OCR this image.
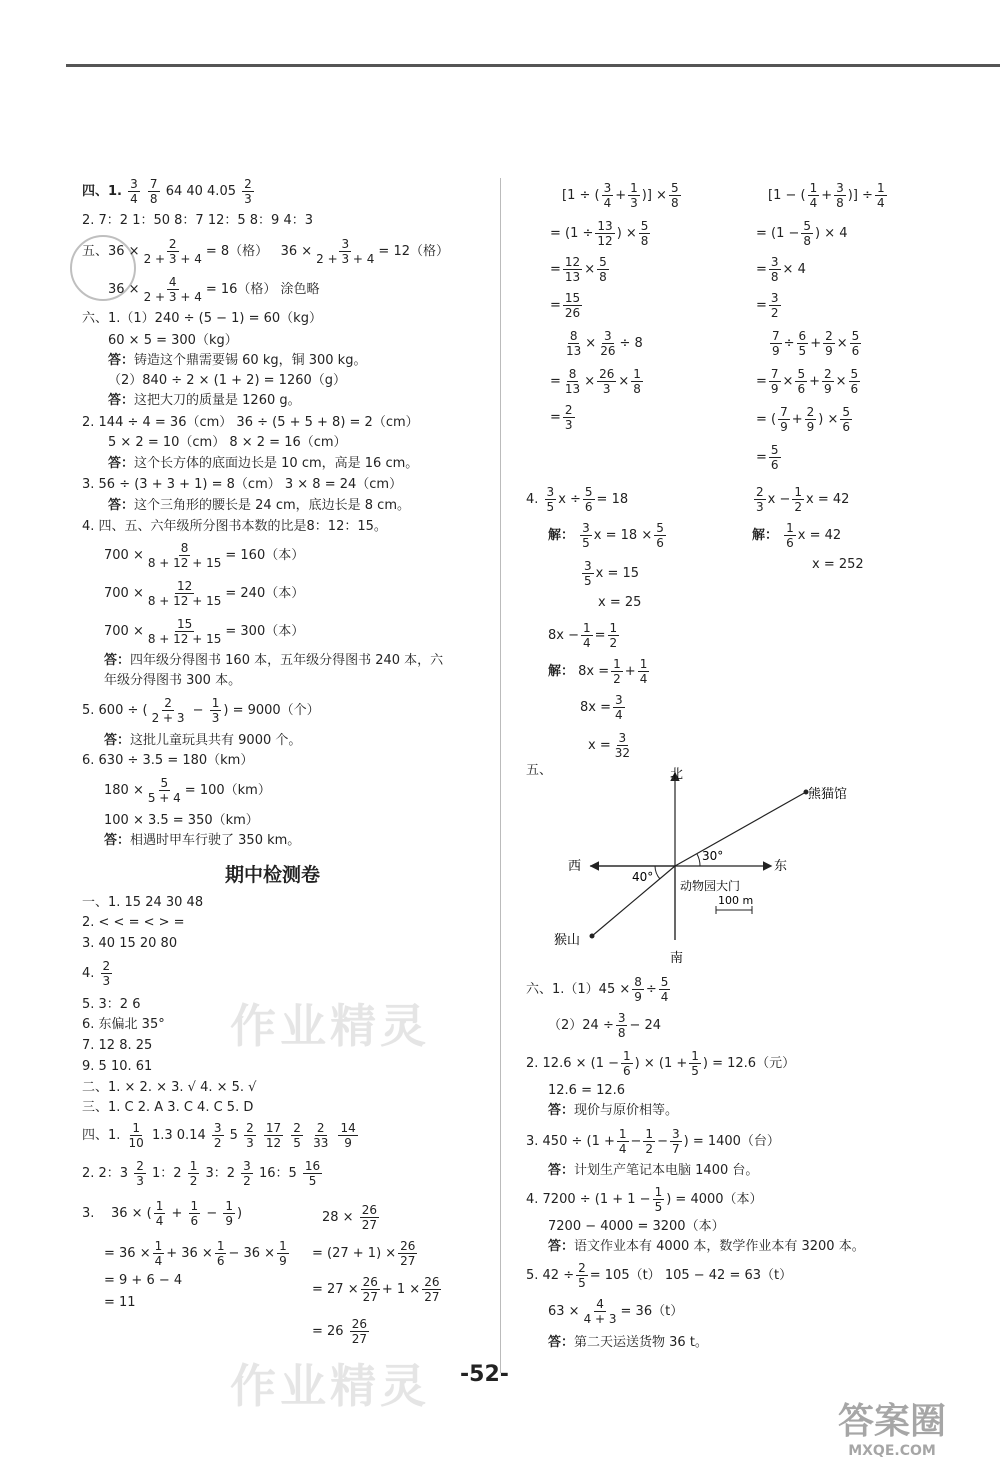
四、1. $\frac{3}{4}$
$\frac{7}{8} 64$ 40 $4.05 \frac{2}{3}$
2. 7：2 1：50 8：7 12：5 8：9 4：3
五、$36 \times \frac{2}{2 + 3 + 4} = 8$（格） $36 \times \frac{3}{2 + 3 + 4} = 12$（格）
$36 \times \frac{4}{2 + 3 + 4} = 16$（格） 涂色略
六、1.（1）240 ÷ (5 − 1) = 60（kg）
60 × 5 = 300（kg）
答：铸造这个鼎需要锡 60 kg，铜 300 kg。
（2）840 ÷ 2 × (1 + 2) = 1260（g）
答：这把大刀的质量是 1260 g。
2. 144 ÷ 4 = 36（cm） 36 ÷ (5 + 5 + 8) = 2（cm）
5 × 2 = 10（cm） 8 × 2 = 16（cm）
答：这个长方体的底面边长是 10 cm，高是 16 cm。
3. 56 ÷ (3 + 3 + 1) = 8（cm） 3 × 8 = 24（cm）
答：这个三角形的腰长是 24 cm，底边长是 8 cm。
4. 四、五、六年级所分图书本数的比是8：12：15。
$700 \times \frac{8}{8 + 12 + 15} = 160$（本）
$700 \times \frac{12}{8 + 12 + 15} = 240$（本）
$700 \times \frac{15}{8 + 12 + 15} = 300$（本）
答：四年级分得图书 160 本，五年级分得图书 240 本，六
年级分得图书 300 本。
5. 600 ÷ ( $\frac{2}{2 + 3} - \frac{1}{3}$ ) = 9000（个）
答：这批儿童玩具共有 9000 个。
6. 630 ÷ 3.5 = 180（km）
$180 \times \frac{5}{5 + 4} = 100(km)$
100 × 3.5 = 350（km）
答：相遇时甲车行驶了 350 km。
期中检测卷
一、1. 15 24 30 48
2. < < = < > =
3. 40 15 20 80
4. $\frac{2}{3}$
5. 3：2 6
6. 东偏北 35°
7. 12 8. 25
9. 5 10. 61
二、1. × 2. × 3. √ 4. × 5. √
三、1. C 2. A 3. C 4. C 5. D
四、1. $\frac{1}{10} 1.3$ $0.14 \frac{3}{2} 5 \frac{2}{3}$
$\frac{17}{12}$
$\frac{2}{5}$
$\frac{2}{33}$
$\frac{14}{9}$
2. 2：$3 \frac{2}{3} 1$：$2 \frac{1}{2} 3$：$2 \frac{3}{2} 16$：$5 \frac{16}{5}$
3. 36 × ( $\frac{1}{4} + \frac{1}{6} - \frac{1}{9}$ )	$28 \times \frac{26}{27}$
= $36 \times \frac{1}{4} + 36 \times \frac{1}{6} - 36 \times \frac{1}{9} = (27 + 1) \times \frac{26}{27}$
= 9 + 6 − 4
= $27 \times \frac{26}{27} + 1 \times \frac{26}{27}$
= 11
= $26 \frac{26}{27}$
[1 ÷ ( $\frac{3}{4} + \frac{1}{3}$ )] × $\frac{5}{8}$
= ($1 \div \frac{13}{12}$ ) × $\frac{5}{8}$
= $\frac{12}{13} \times \frac{5}{8}$
= $\frac{15}{26}$
$\frac{8}{13} \times \frac{3}{26} \div 8$
= $\frac{8}{13} \times \frac{26}{3} \times \frac{1}{8}$
= $\frac{2}{3}$
[1 − ( $\frac{1}{4} + \frac{3}{8}$ )] ÷ $\frac{1}{4}$
= ($1 - \frac{5}{8}$ ) × 4
= $\frac{3}{8} \times 4$
= $\frac{3}{2}$
$\frac{7}{9} \div \frac{6}{5} + \frac{2}{9} \times \frac{5}{6}$
= $\frac{7}{9} \times \frac{5}{6} + \frac{2}{9} \times \frac{5}{6}$
= ( $\frac{7}{9} + \frac{2}{9}$ ) × $\frac{5}{6}$
= $\frac{5}{6}$
4. $\frac{3}{5}$ $x \div \frac{5}{6} = 18$
解： $\frac{3}{5}$ $x = 18 \times \frac{5}{6}$
$\frac{3}{5}$ x = 15
x = 25
$8x - \frac{1}{4} = \frac{1}{2}$
解： $8x = \frac{1}{2} + \frac{1}{4}$
$8x = \frac{3}{4}$
$x = \frac{3}{32}$
$\frac{2}{3}$ $x - \frac{1}{2}$ x = 42
解： $\frac{1}{6}$ x = 42
x = 252
五、	北
南
东
西
熊猫馆
猴山
动物园大门
30°
40°
100 m
六、$1.(1)45 \times \frac{8}{9} \div \frac{5}{4}$
$(2)24 \div \frac{3}{8} - 24$
2. $12.6 \times (1 - \frac{1}{6}$ ) × ($1 + \frac{1}{5}$ ) = 12.6（元）
12.6 = 12.6
答：现价与原价相等。
3. $450 \div (1 + \frac{1}{4} - \frac{1}{2} - \frac{3}{7}$ ) = 1400（台）
答：计划生产笔记本电脑 1400 台。
4. $7200 \div (1 + 1 - \frac{1}{5}$ ) = 4000（本）
7200 − 4000 = 3200（本）
答：语文作业本有 4000 本，数学作业本有 3200 本。
5. $42 \div \frac{2}{5} = 105(t) 105 - 42 = 63(t)$
$63 \times \frac{4}{4 + 3} = 36(t)$
答：第二天运送货物 36 t。
作业精灵
作业精灵 -52-
答案圈
MXQE.COM
